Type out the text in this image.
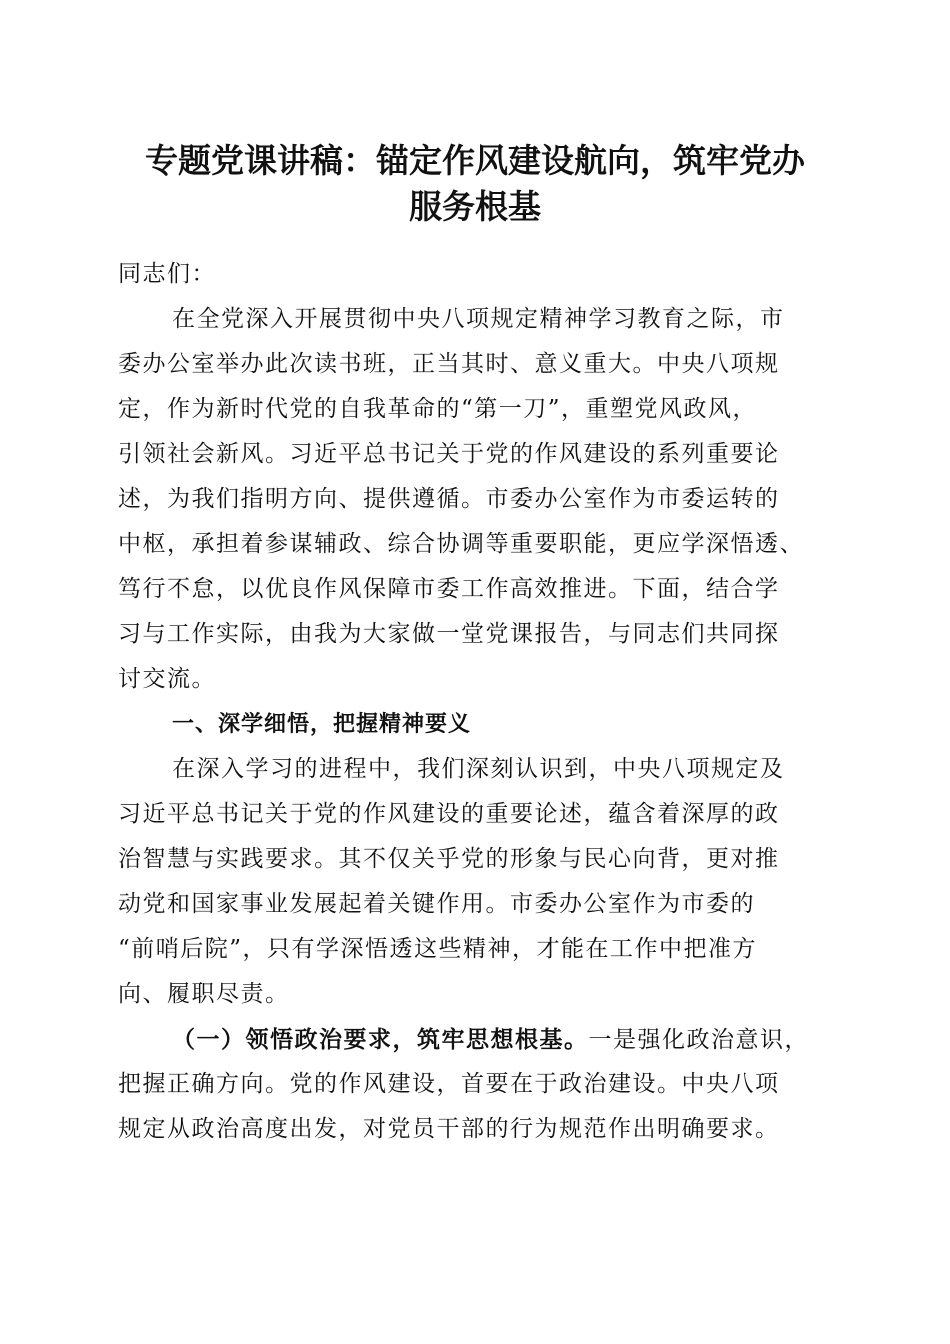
专题党课讲稿：锚定作风建设航向，筑牢党办
服务根基
同志们：
在全党深入开展贯彻中央八项规定精神学习教育之际，市
委办公室举办此次读书班，正当其时、意义重大。中央八项规
定，作为新时代党的自我革命的“第一刀”，重塑党风政风，
引领社会新风。习近平总书记关于党的作风建设的系列重要论
述，为我们指明方向、提供遵循。市委办公室作为市委运转的
中枢，承担着参谋辅政、综合协调等重要职能，更应学深悟透、
笃行不怠，以优良作风保障市委工作高效推进。下面，结合学
习与工作实际，由我为大家做一堂党课报告，与同志们共同探
讨交流。
一、深学细悟，把握精神要义
在深入学习的进程中，我们深刻认识到，中央八项规定及
习近平总书记关于党的作风建设的重要论述，蕴含着深厚的政
治智慧与实践要求。其不仅关乎党的形象与民心向背，更对推
动党和国家事业发展起着关键作用。市委办公室作为市委的
“前哨后院”，只有学深悟透这些精神，才能在工作中把准方
向、履职尽责。
（一）领悟政治要求，筑牢思想根基。一是强化政治意识，
把握正确方向。党的作风建设，首要在于政治建设。中央八项
规定从政治高度出发，对党员干部的行为规范作出明确要求。
